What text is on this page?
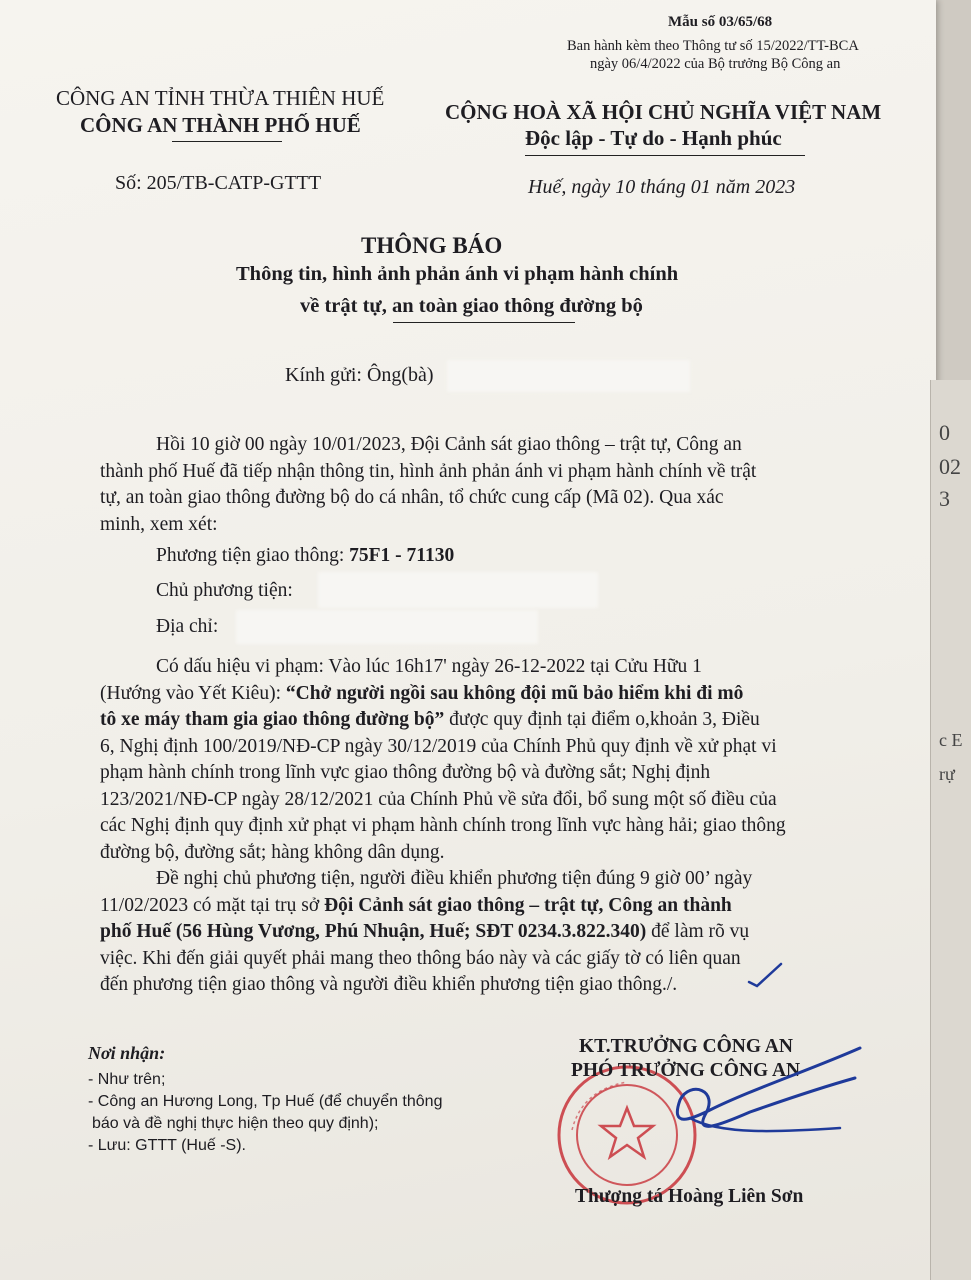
Mẫu số 03/65/68
Ban hành kèm theo Thông tư số 15/2022/TT-BCA
ngày 06/4/2022 của Bộ trưởng Bộ Công an
CÔNG AN TỈNH THỪA THIÊN HUẾ
CÔNG AN THÀNH PHỐ HUẾ
Số: 205/TB-CATP-GTTT
CỘNG HOÀ XÃ HỘI CHỦ NGHĨA VIỆT NAM
Độc lập - Tự do - Hạnh phúc
Huế, ngày 10 tháng 01 năm 2023
THÔNG BÁO
Thông tin, hình ảnh phản ánh vi phạm hành chính
về trật tự, an toàn giao thông đường bộ
Kính gửi: Ông(bà)
Hồi 10 giờ 00 ngày 10/01/2023, Đội Cảnh sát giao thông – trật tự, Công an
thành phố Huế đã tiếp nhận thông tin, hình ảnh phản ánh vi phạm hành chính về trật
tự, an toàn giao thông đường bộ do cá nhân, tổ chức cung cấp (Mã 02). Qua xác
minh, xem xét:
Phương tiện giao thông: 75F1 - 71130
Chủ phương tiện:
Địa chỉ:
Có dấu hiệu vi phạm: Vào lúc 16h17' ngày 26-12-2022 tại Cửu Hữu 1
(Hướng vào Yết Kiêu): “Chở người ngồi sau không đội mũ bảo hiểm khi đi mô
tô xe máy tham gia giao thông đường bộ” được quy định tại điểm o,khoản 3, Điều
6, Nghị định 100/2019/NĐ-CP ngày 30/12/2019 của Chính Phủ quy định về xử phạt vi
phạm hành chính trong lĩnh vực giao thông đường bộ và đường sắt; Nghị định
123/2021/NĐ-CP ngày 28/12/2021 của Chính Phủ về sửa đổi, bổ sung một số điều của
các Nghị định quy định xử phạt vi phạm hành chính trong lĩnh vực hàng hải; giao thông
đường bộ, đường sắt; hàng không dân dụng.
Đề nghị chủ phương tiện, người điều khiển phương tiện đúng 9 giờ 00’ ngày
11/02/2023 có mặt tại trụ sở Đội Cảnh sát giao thông – trật tự, Công an thành
phố Huế (56 Hùng Vương, Phú Nhuận, Huế; SĐT 0234.3.822.340) để làm rõ vụ
việc. Khi đến giải quyết phải mang theo thông báo này và các giấy tờ có liên quan
đến phương tiện giao thông và người điều khiển phương tiện giao thông./.
Nơi nhận:
- Như trên;
- Công an Hương Long, Tp Huế (để chuyển thông
báo và đề nghị thực hiện theo quy định);
- Lưu: GTTT (Huế -S).
KT.TRƯỞNG CÔNG AN
PHÓ TRƯỞNG CÔNG AN
Thượng tá Hoàng Liên Sơn
0
02
3
c E
rự
